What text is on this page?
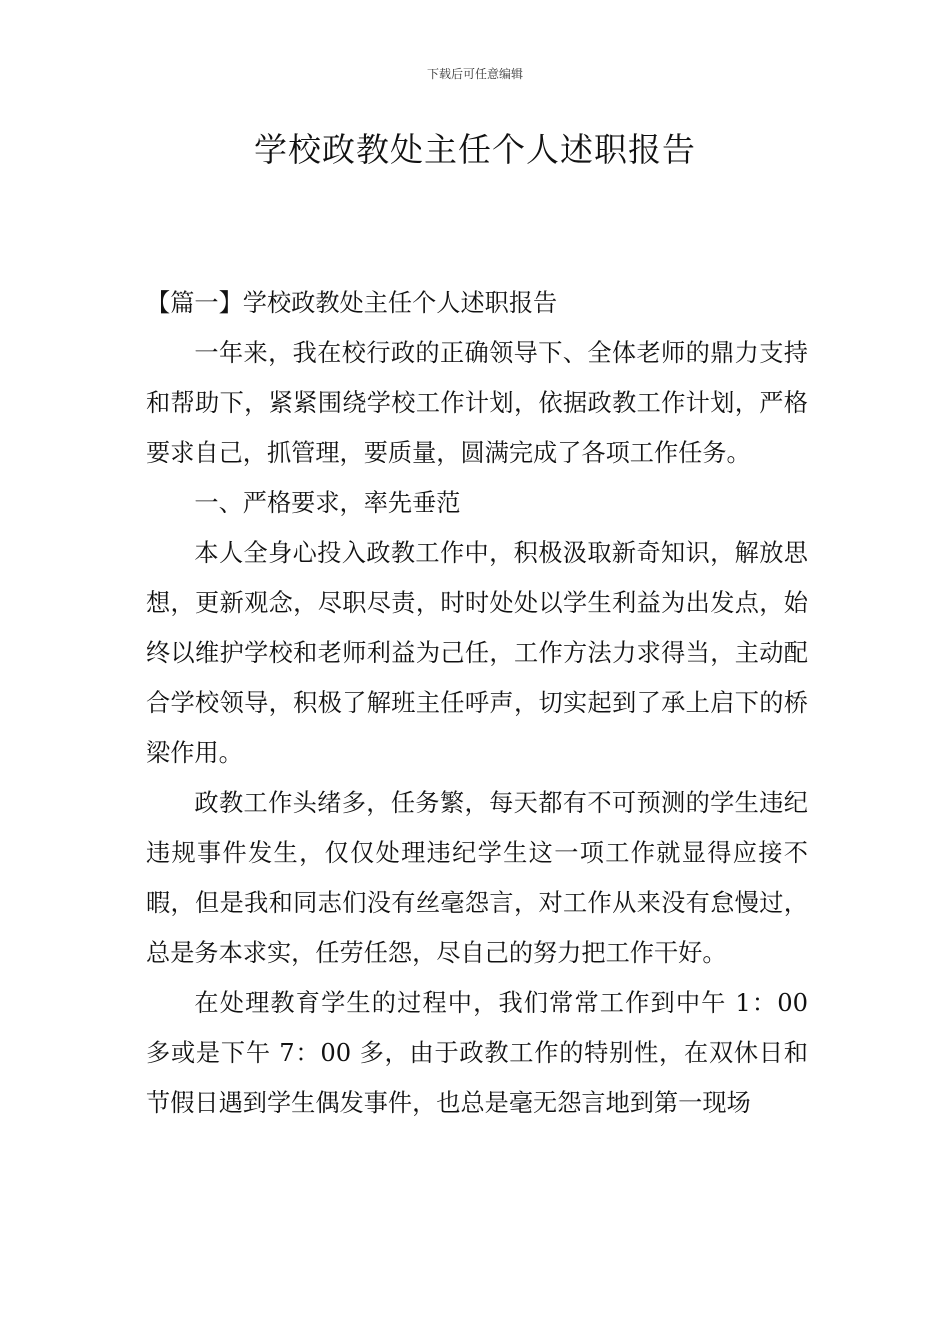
下载后可任意编辑
学校政教处主任个人述职报告

【篇一】学校政教处主任个人述职报告

一年来，我在校行政的正确领导下、全体老师的鼎力支持和帮助下，紧紧围绕学校工作计划，依据政教工作计划，严格要求自己，抓管理，要质量，圆满完成了各项工作任务。

一、严格要求，率先垂范

本人全身心投入政教工作中，积极汲取新奇知识，解放思想，更新观念，尽职尽责，时时处处以学生利益为出发点，始终以维护学校和老师利益为己任，工作方法力求得当，主动配合学校领导，积极了解班主任呼声，切实起到了承上启下的桥梁作用。

政教工作头绪多，任务繁，每天都有不可预测的学生违纪违规事件发生，仅仅处理违纪学生这一项工作就显得应接不暇，但是我和同志们没有丝毫怨言，对工作从来没有怠慢过，总是务本求实，任劳任怨，尽自己的努力把工作干好。

在处理教育学生的过程中，我们常常工作到中午 1：00 多或是下午 7：00 多，由于政教工作的特别性，在双休日和节假日遇到学生偶发事件，也总是毫无怨言地到第一现场
